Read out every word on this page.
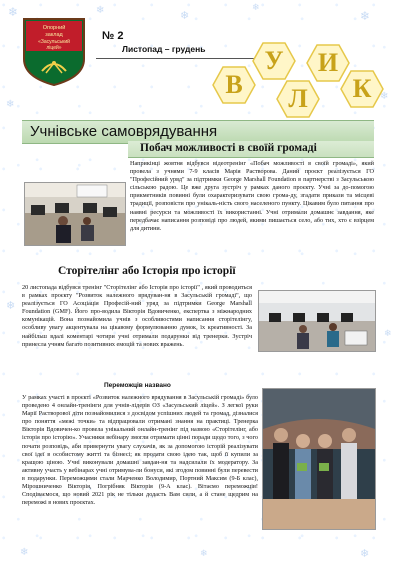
❄	❄	❄
❄
❄
❄
❄
❄
❄
❄	❄	❄
Опорний
заклад
«Засульський
ліцей»
№ 2
Листопад – грудень
В
У
Л
И
К
Учнівське самоврядування
Побач можливості в своїй громаді
Наприкінці жовтня відбувся відеотренінг «Побач можливості в своїй громаді», який провела з учнями 7-9 класів Марія Растворова. Даний проєкт реалізується ГО "Професійний урвд" за підтримки George Marshall Foundation в партнерстві з Засульською сільською радою. Це вже друга зустріч у рамках даного проєкту. Учні за до-помогою прикметників повинні були охарактеризувати свою грома-ду, згадати прикази та місцеві традиції, розповісти про унікаль-ність свого населеного пункту. Цікавим було питання про наявні ресурси та можливості їх використанні. Учні отримали домашнє завдання, яке передбачає написання розповіді про людей, якими пишається село, або тих, хто є взірцем для дитини.
Сторітелінг або Історія про історії
20 листопада відбувся тренінг "Сторітелінг або Історія про історії" , який проводиться в рамках проєкту "Розвиток належного врядуван-ня в Засульській громаді", що реалізується ГО Асоціація Професій-ний уряд за підтримки George Marshall Foundation (GMF). Його про-водила Вікторія Вдовиченко, експертка з міжнародних комунікацій. Вона познайомила учнів з особливостями написання сторітелінгу, особливу увагу акцентувала на цікавому формулюванню думок, їх креативності. За найбільш вдалі коментарі чотири учні отримали подарунки від тренерки. Зустріч принесла учням багато позитивних емоцій та нових вражень.
Переможців названо
У рамках участі в проєкті «Розвиток належного врядування в Засульській громаді» було проведено 4 онлайн-тренінги для учнів-лідерів ОЗ «Засульський ліцей». З легкої руки Марії Растворової діти познайомилися з досвідом успішних людей та громад, дізналися про поняття «межі точки» та відпрацювали отримані знання на практиці. Тренерка Вікторія Вдовичен-ко провела унікальний онлайн-тренінг під назвою «Сторітелінг, або історія про історію». Учасники вебінару змогли отримати цінні поради щодо того, з чого почати розповідь, аби привернути увагу слухачів, як за допомогою історій реалізувати свої ідеї в особистому житті та бізнесі; як продати свою ідею так, щоб її купили за кращою ціною. Учні виконували домашні завдан-ня та надсилали їх модератору. За активну участь у вебінарах учні отримува-ли бонуси, які згодом повинні були перевести в подарунки. Переможцями стали Марченко Володимир, Портний Максим (9-Б клас), Мірошниченко Вікторія, Погрібняк Вікторія (9-А клас). Вітаємо переможців! Сподіваємося, що новий 2021 рік не тільки додасть Вам сили, а й стане щедрим на переможі в нових проєктах.
